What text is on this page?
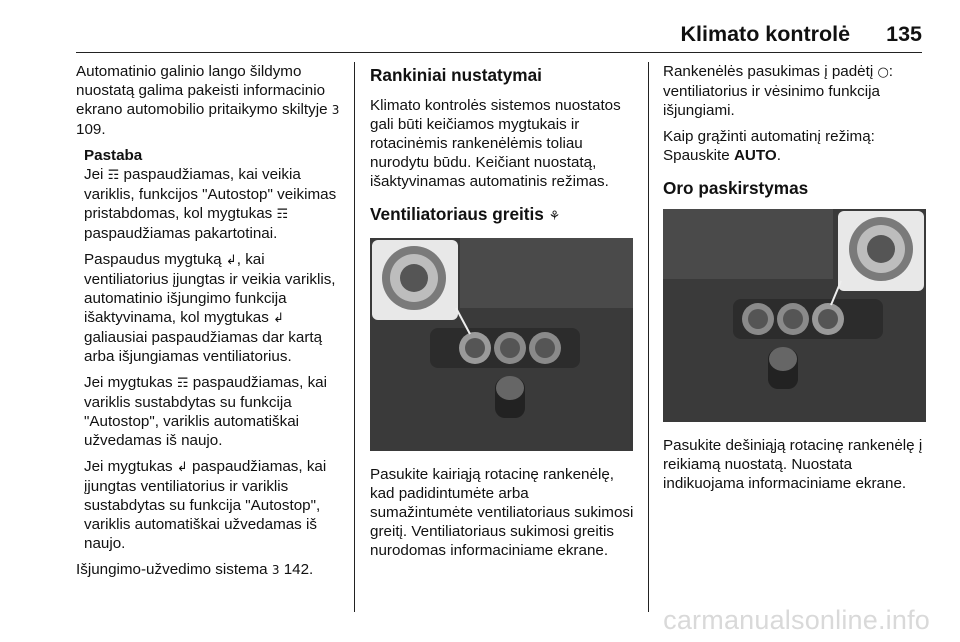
Klimato kontrolė 135

Automatinio galinio lango šildymo nuostatą galima pakeisti informacinio ekrano automobilio pritaikymo skiltyje 3 109.

Pastaba

Jei ☶ paspaudžiamas, kai veikia variklis, funkcijos "Autostop" veikimas pristabdomas, kol mygtukas ☶ paspaudžiamas pakartotinai.

Paspaudus mygtuką ↲, kai ventiliatorius įjungtas ir veikia variklis, automatinio išjungimo funkcija išaktyvinama, kol mygtukas ↲ galiausiai paspaudžiamas dar kartą arba išjungiamas ventiliatorius.

Jei mygtukas ☶ paspaudžiamas, kai variklis sustabdytas su funkcija "Autostop", variklis automatiškai užvedamas iš naujo.

Jei mygtukas ↲ paspaudžiamas, kai įjungtas ventiliatorius ir variklis sustabdytas su funkcija "Autostop", variklis automatiškai užvedamas iš naujo.

Išjungimo-užvedimo sistema 3 142.

Rankiniai nustatymai

Klimato kontrolės sistemos nuostatos gali būti keičiamos mygtukais ir rotacinėmis rankenėlėmis toliau nurodytu būdu. Keičiant nuostatą, išaktyvinamas automatinis režimas.

Ventiliatoriaus greitis ⚘

Pasukite kairiąją rotacinę rankenėlę, kad padidintumėte arba sumažintumėte ventiliatoriaus sukimosi greitį. Ventiliatoriaus sukimosi greitis nurodomas informaciniame ekrane.

Rankenėlės pasukimas į padėtį ○: ventiliatorius ir vėsinimo funkcija išjungiami.

Kaip grąžinti automatinį režimą: Spauskite AUTO.

Oro paskirstymas

Pasukite dešiniąją rotacinę rankenėlę į reikiamą nuostatą. Nuostata indikuojama informaciniame ekrane.

carmanualsonline.info
